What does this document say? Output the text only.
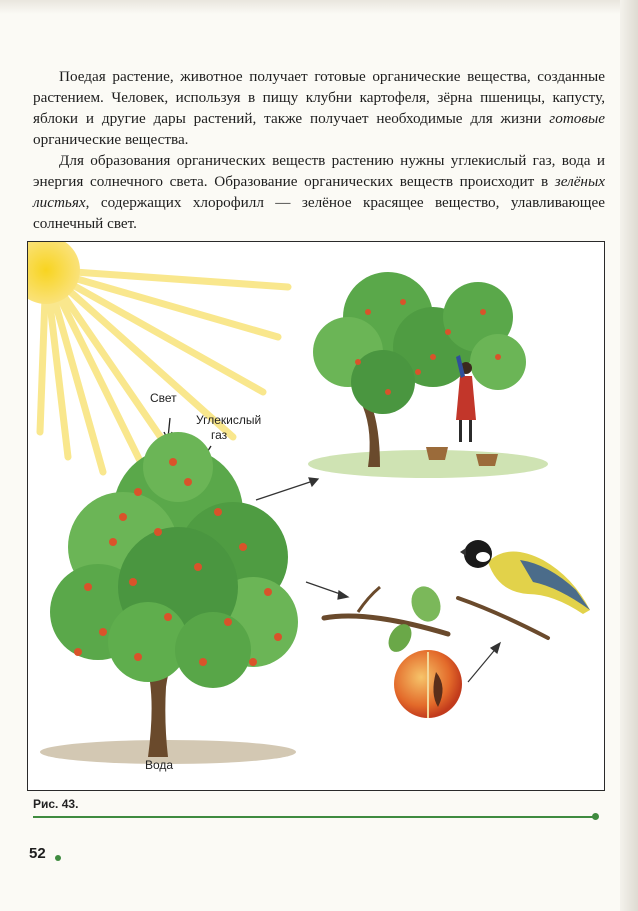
Поедая растение, животное получает готовые органические вещества, созданные растением. Человек, используя в пищу клубни картофеля, зёрна пшеницы, капусту, яблоки и другие дары растений, также получает необходимые для жизни готовые органические вещества.

Для образования органических веществ растению нужны углекислый газ, вода и энергия солнечного света. Образование органических веществ происходит в зелёных листьях, содержащих хлорофилл — зелёное красящее вещество, улавливающее солнечный свет.

Свет
Углекислый
газ
Вода
Рис. 43.
52
